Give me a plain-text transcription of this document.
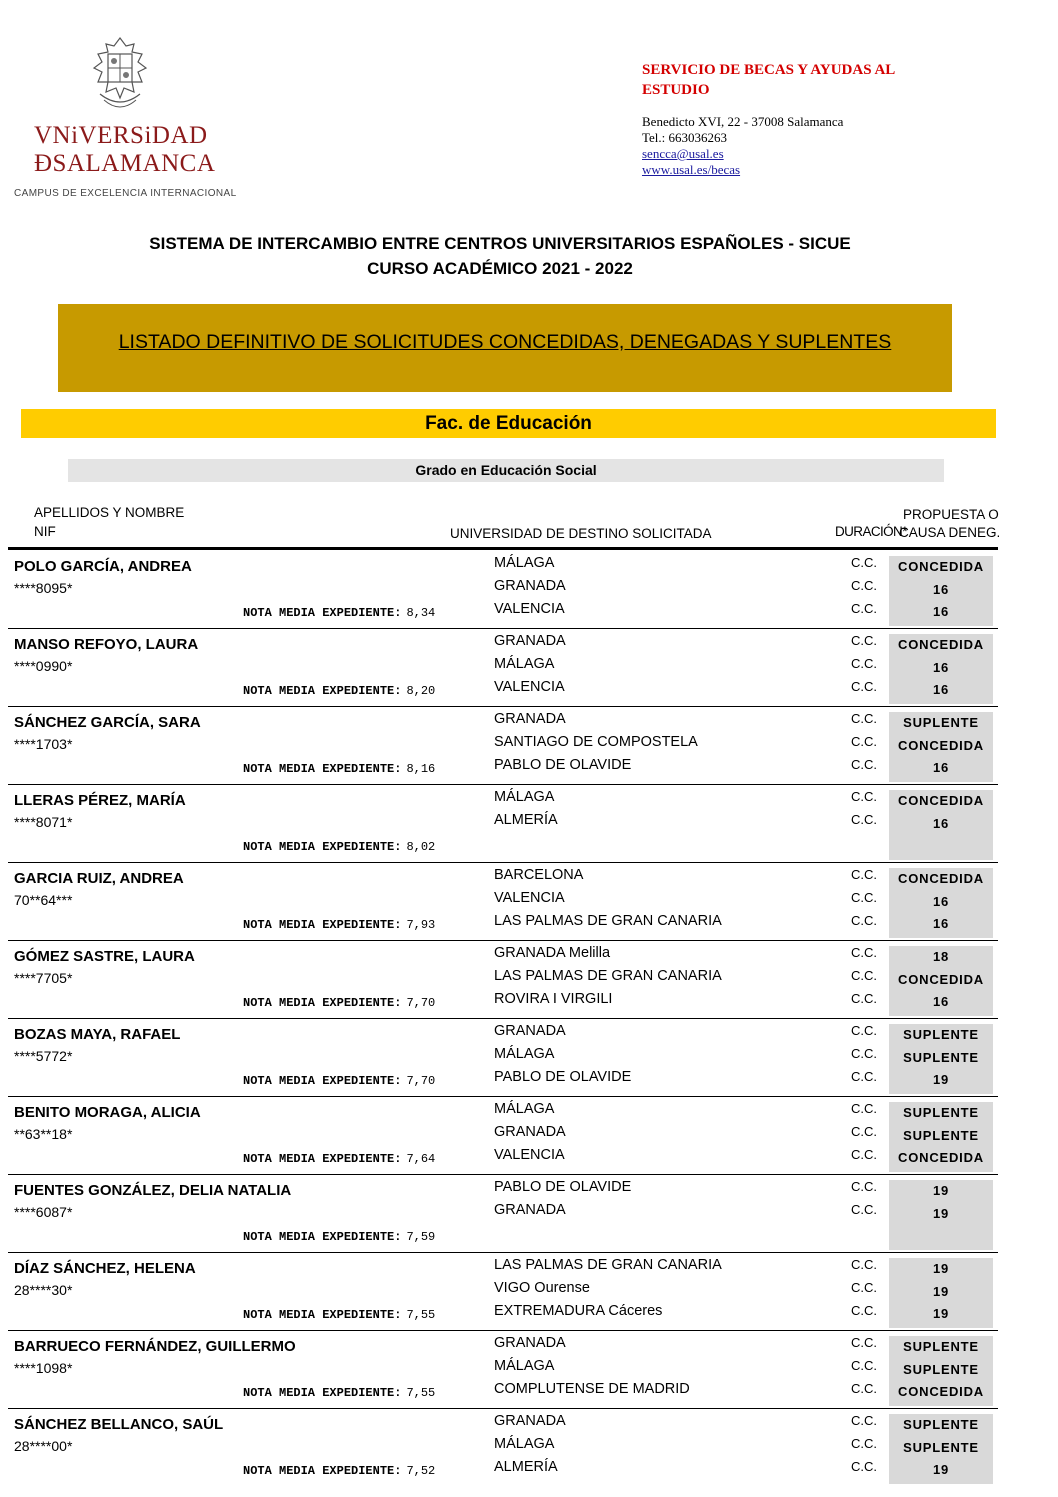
VNiVERSiDAD
ÐSALAMANCA
CAMPUS DE EXCELENCIA INTERNACIONAL
SERVICIO DE BECAS Y AYUDAS AL ESTUDIO
Benedicto XVI, 22 - 37008 Salamanca
Tel.: 663036263
sencca@usal.es
www.usal.es/becas
SISTEMA DE INTERCAMBIO ENTRE CENTROS UNIVERSITARIOS ESPAÑOLES - SICUE
CURSO ACADÉMICO 2021 - 2022
LISTADO DEFINITIVO DE SOLICITUDES CONCEDIDAS, DENEGADAS Y SUPLENTES
Fac. de Educación
Grado en Educación Social
APELLIDOS Y NOMBRE
NIF	UNIVERSIDAD DE DESTINO SOLICITADA	DURACIÓN*
PROPUESTA O
CAUSA DENEG.
POLO GARCÍA, ANDREA
****8095*
NOTA MEDIA EXPEDIENTE: 8,34
MÁLAGA	C.C.	CONCEDIDA
GRANADA	C.C.	16
VALENCIA	C.C.	16
MANSO REFOYO, LAURA
****0990*
NOTA MEDIA EXPEDIENTE: 8,20
GRANADA	C.C.	CONCEDIDA
MÁLAGA	C.C.	16
VALENCIA	C.C.	16
SÁNCHEZ GARCÍA, SARA
****1703*
NOTA MEDIA EXPEDIENTE: 8,16
GRANADA	C.C.	SUPLENTE
SANTIAGO DE COMPOSTELA	C.C.	CONCEDIDA
PABLO DE OLAVIDE	C.C.	16
LLERAS PÉREZ, MARÍA
****8071*
NOTA MEDIA EXPEDIENTE: 8,02
MÁLAGA	C.C.	CONCEDIDA
ALMERÍA	C.C.	16
GARCIA RUIZ, ANDREA
70**64***
NOTA MEDIA EXPEDIENTE: 7,93
BARCELONA	C.C.	CONCEDIDA
VALENCIA	C.C.	16
LAS PALMAS DE GRAN CANARIA	C.C.	16
GÓMEZ SASTRE, LAURA
****7705*
NOTA MEDIA EXPEDIENTE: 7,70
GRANADA Melilla	C.C.	18
LAS PALMAS DE GRAN CANARIA	C.C.	CONCEDIDA
ROVIRA I VIRGILI	C.C.	16
BOZAS MAYA, RAFAEL
****5772*
NOTA MEDIA EXPEDIENTE: 7,70
GRANADA	C.C.	SUPLENTE
MÁLAGA	C.C.	SUPLENTE
PABLO DE OLAVIDE	C.C.	19
BENITO MORAGA, ALICIA
**63**18*
NOTA MEDIA EXPEDIENTE: 7,64
MÁLAGA	C.C.	SUPLENTE
GRANADA	C.C.	SUPLENTE
VALENCIA	C.C.	CONCEDIDA
FUENTES GONZÁLEZ, DELIA NATALIA
****6087*
NOTA MEDIA EXPEDIENTE: 7,59
PABLO DE OLAVIDE	C.C.	19
GRANADA	C.C.	19
DÍAZ SÁNCHEZ, HELENA
28****30*
NOTA MEDIA EXPEDIENTE: 7,55
LAS PALMAS DE GRAN CANARIA	C.C.	19
VIGO Ourense	C.C.	19
EXTREMADURA Cáceres	C.C.	19
BARRUECO FERNÁNDEZ, GUILLERMO
****1098*
NOTA MEDIA EXPEDIENTE: 7,55
GRANADA	C.C.	SUPLENTE
MÁLAGA	C.C.	SUPLENTE
COMPLUTENSE DE MADRID	C.C.	CONCEDIDA
SÁNCHEZ BELLANCO, SAÚL
28****00*
NOTA MEDIA EXPEDIENTE: 7,52
GRANADA	C.C.	SUPLENTE
MÁLAGA	C.C.	SUPLENTE
ALMERÍA	C.C.	19
